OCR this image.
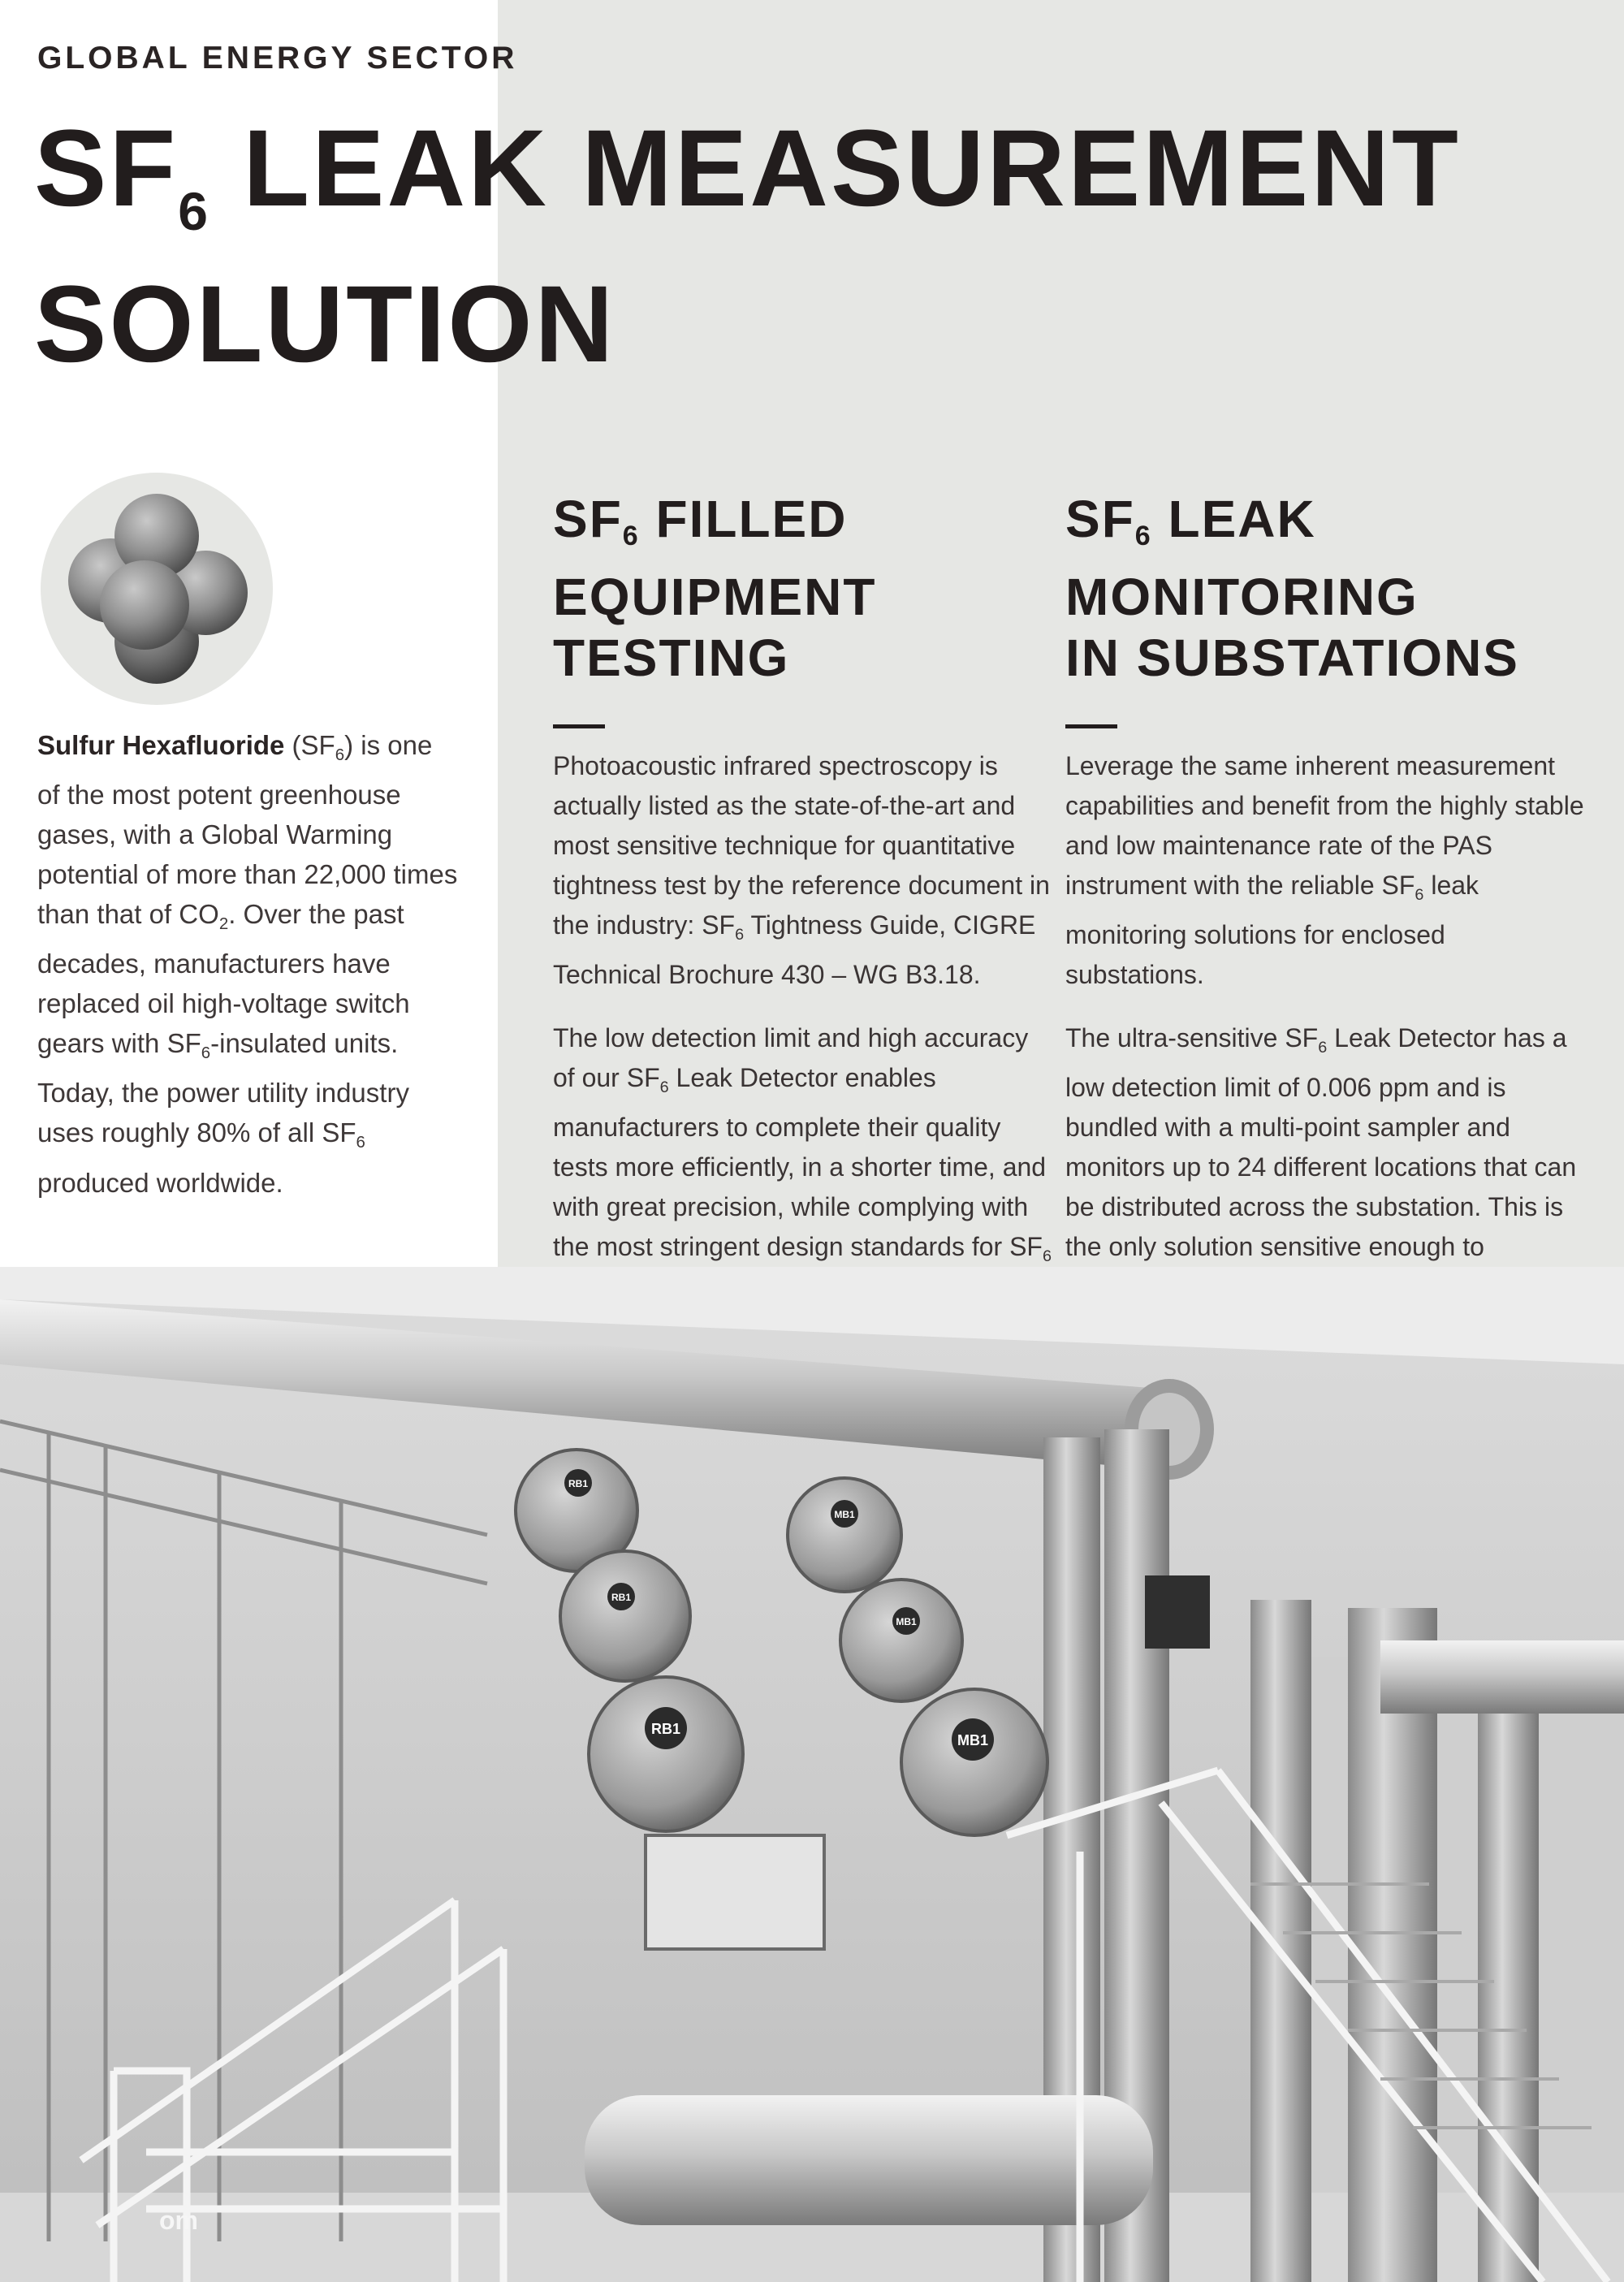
GLOBAL ENERGY SECTOR

$SF_6$ LEAK MEASUREMENT
SOLUTION

Sulfur Hexafluoride $(SF_6)$ is one of the most potent greenhouse gases, with a Global Warming potential of more than 22,000 times than that of $CO_2$. Over the past decades, manufacturers have replaced oil high-voltage switch gears with $SF_6$-insulated units. Today, the power utility industry uses roughly 80% of all $SF_6$ produced worldwide.

SF6 FILLED
EQUIPMENT
TESTING

Photoacoustic infrared spectroscopy is actually listed as the state-of-the-art and most sensitive technique for quantitative tightness test by the reference document in the industry: $SF_6$ Tightness Guide, CIGRE Technical Brochure 430 – WG B3.18.

The low detection limit and high accuracy of our $SF_6$ Leak Detector enables manufacturers to complete their quality tests more efficiently, in a shorter time, and with great precision, while complying with the most stringent design standards for $SF_6$

SF6 LEAK
MONITORING
IN SUBSTATIONS

Leverage the same inherent measurement capabilities and benefit from the highly stable and low maintenance rate of the PAS instrument with the reliable $SF_6$ leak monitoring solutions for enclosed substations.

The ultra-sensitive $SF_6$ Leak Detector has a low detection limit of 0.006 ppm and is bundled with a multi-point sampler and monitors up to 24 different locations that can be distributed across the substation. This is the only solution sensitive enough to

RB1
MB1
RB1
MB1
RB1
MB1

om
